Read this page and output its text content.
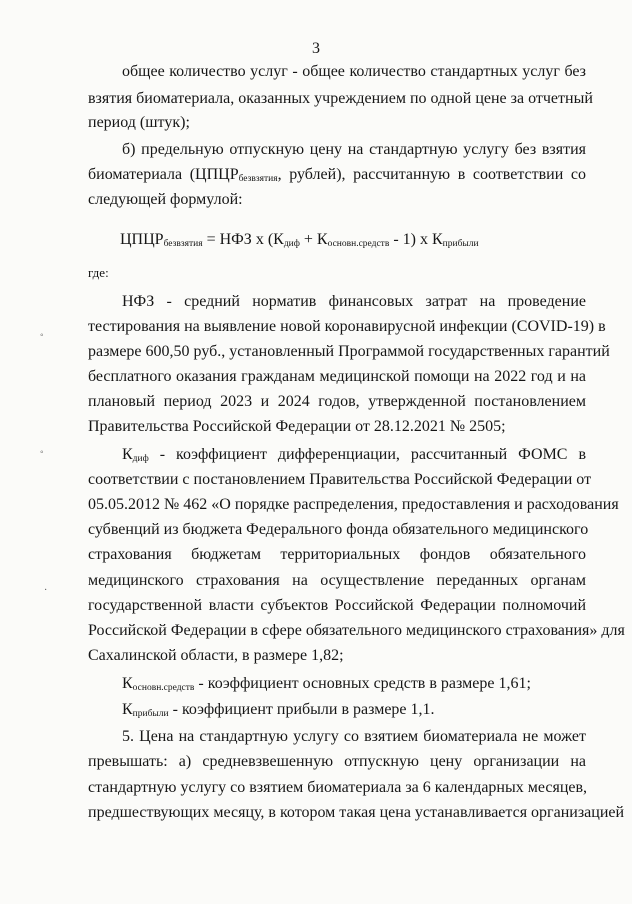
3
общее количество услуг - общее количество стандартных услуг без
взятия биоматериала, оказанных учреждением по одной цене за отчетный
период (штук);
б) предельную отпускную цену на стандартную услугу без взятия
биоматериала ($ЦПЦР_{безвзятия}$, рублей), рассчитанную в соответствии со
следующей формулой:
$ЦПЦР_{безвзятия}$ = НФЗ х $(К_{диф} + К_{основн.средств} - 1)$ х $К_{прибыли}$
где:
НФЗ - средний норматив финансовых затрат на проведение
тестирования на выявление новой коронавирусной инфекции (COVID-19) в
размере 600,50 руб., установленный Программой государственных гарантий
бесплатного оказания гражданам медицинской помощи на 2022 год и на
плановый период 2023 и 2024 годов, утвержденной постановлением
Правительства Российской Федерации от 28.12.2021 № 2505;
$К_{диф}$ - коэффициент дифференциации, рассчитанный ФОМС в
соответствии с постановлением Правительства Российской Федерации от
05.05.2012 № 462 «О порядке распределения, предоставления и расходования
субвенций из бюджета Федерального фонда обязательного медицинского
страхования бюджетам территориальных фондов обязательного
медицинского страхования на осуществление переданных органам
государственной власти субъектов Российской Федерации полномочий
Российской Федерации в сфере обязательного медицинского страхования» для
Сахалинской области, в размере 1,82;
$К_{основн.средств}$ - коэффициент основных средств в размере 1,61;
$К_{прибыли}$ - коэффициент прибыли в размере 1,1.
5. Цена на стандартную услугу со взятием биоматериала не может
превышать: а) средневзвешенную отпускную цену организации на
стандартную услугу со взятием биоматериала за 6 календарных месяцев,
предшествующих месяцу, в котором такая цена устанавливается организацией
◦
◦
·
